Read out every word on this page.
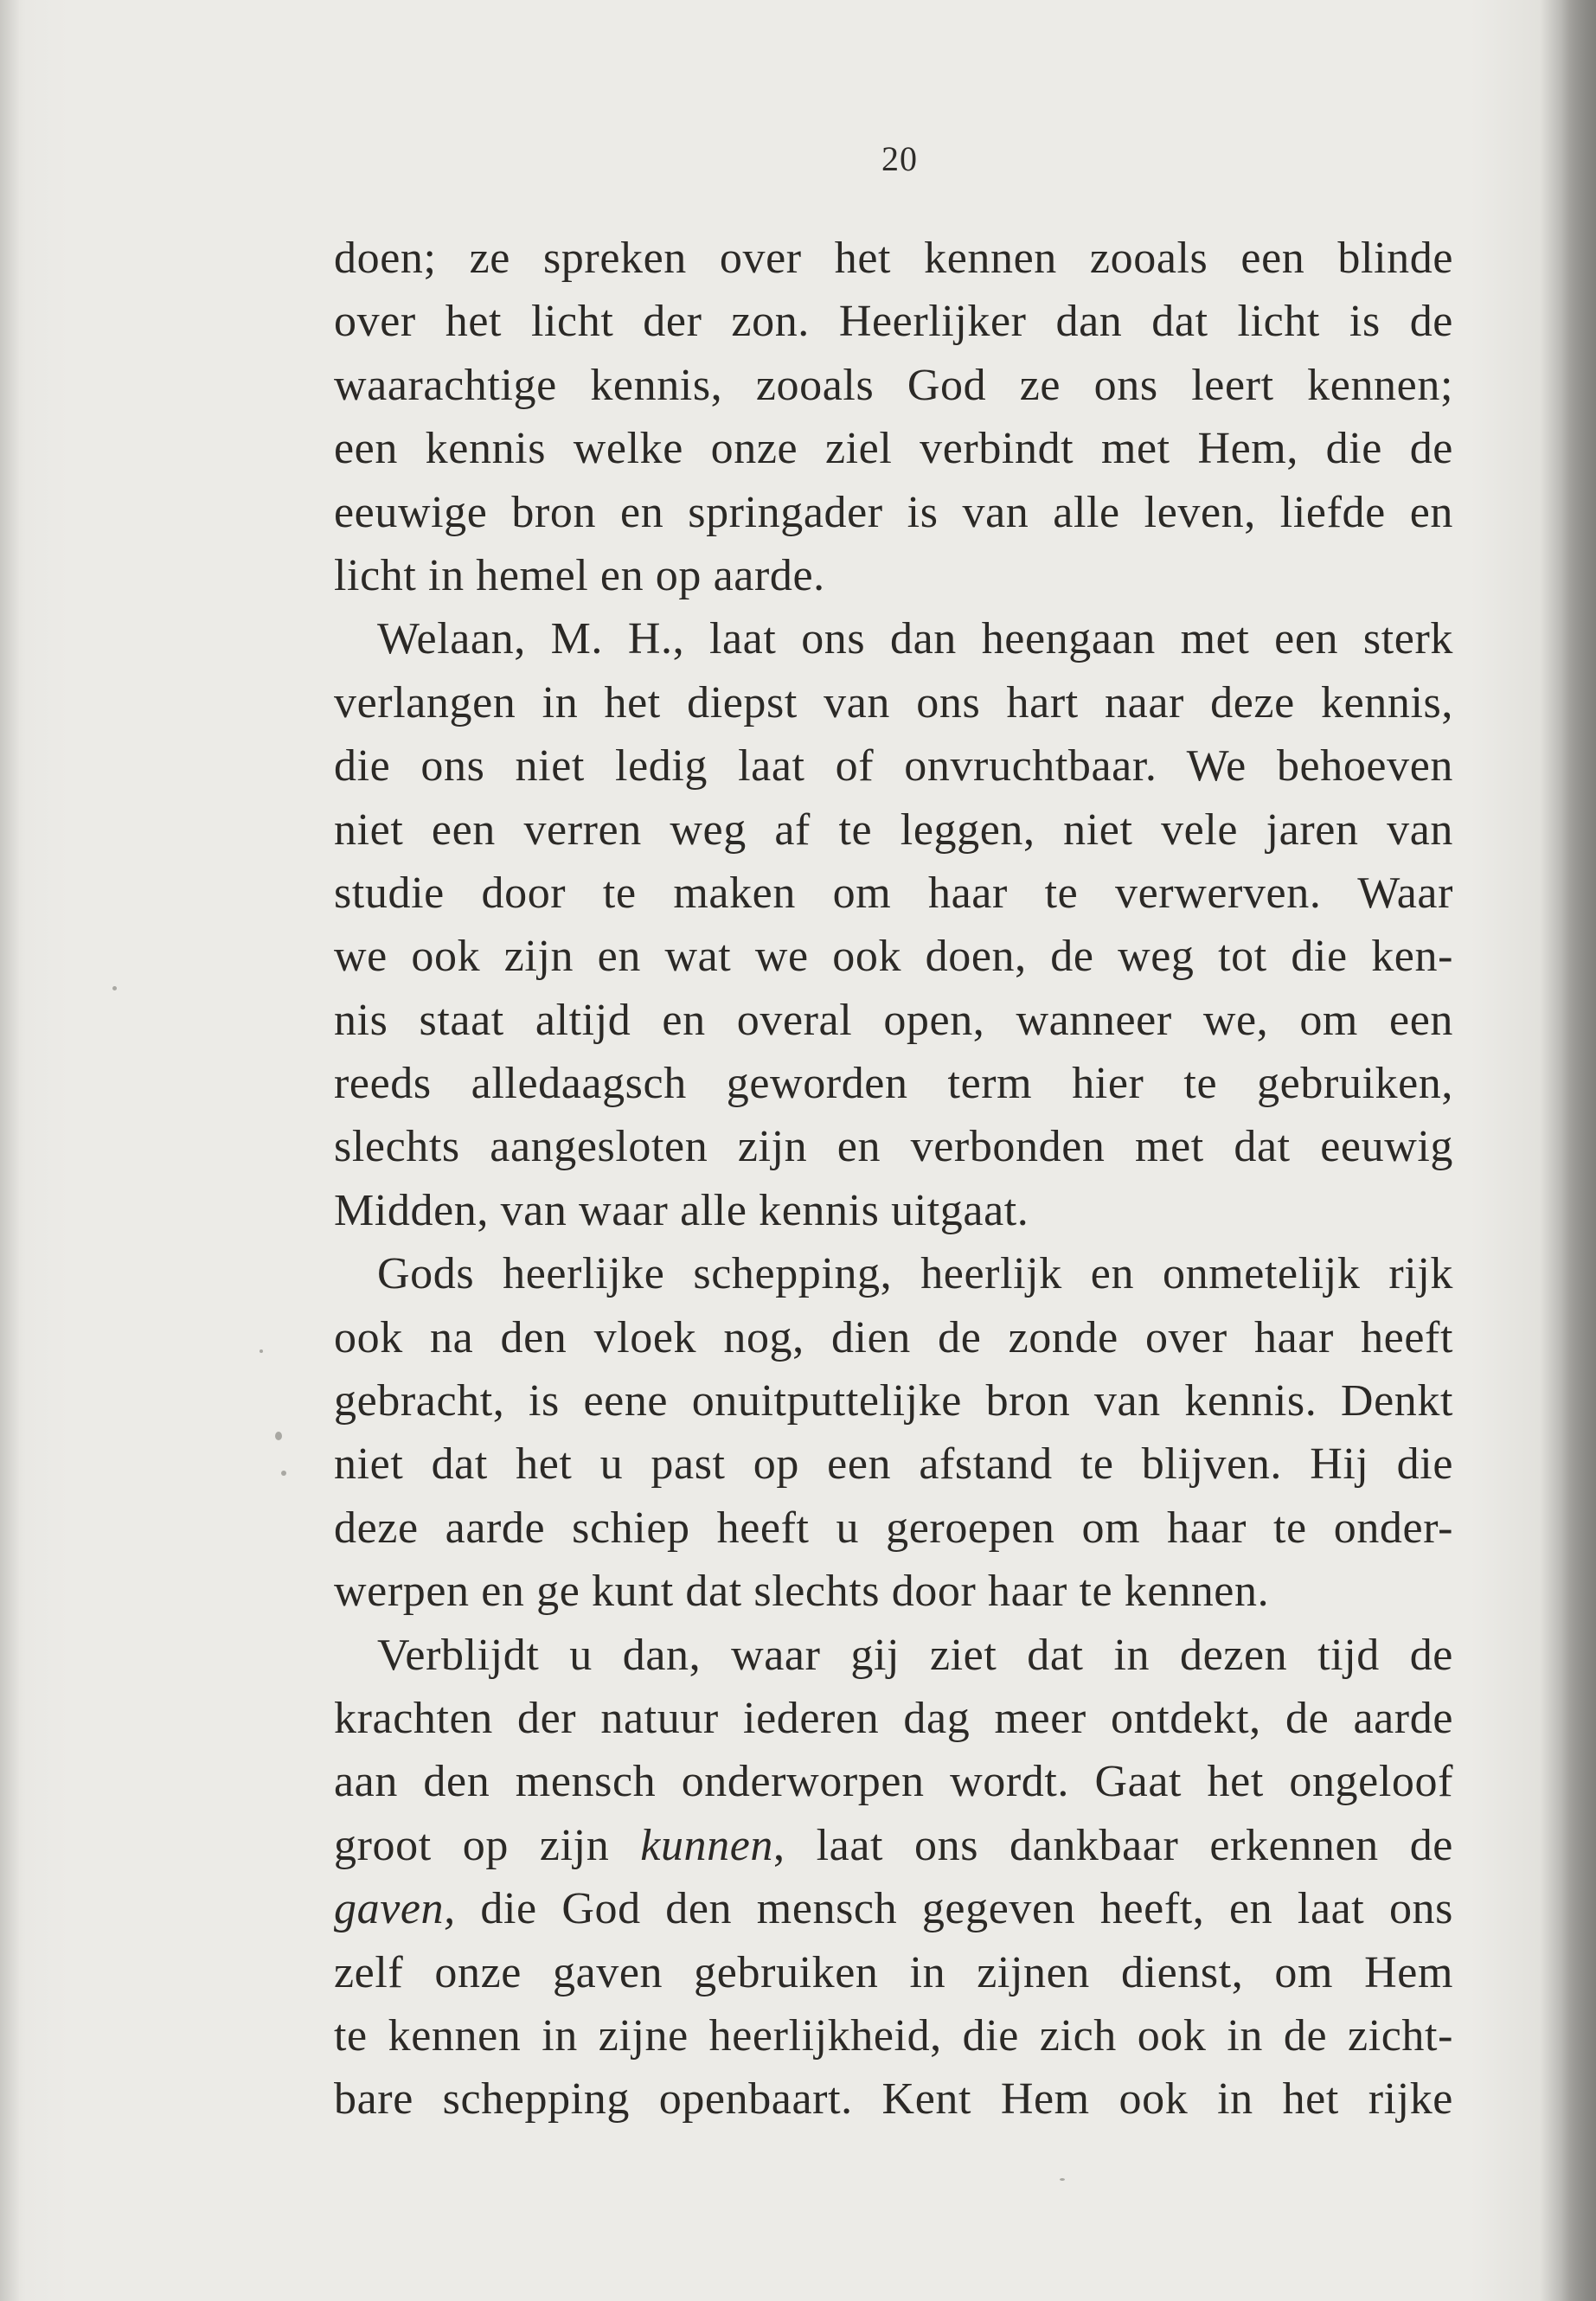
20
doen; ze spreken over het kennen zooals een blinde
over het licht der zon. Heerlijker dan dat licht is de
waarachtige kennis, zooals God ze ons leert kennen;
een kennis welke onze ziel verbindt met Hem, die de
eeuwige bron en springader is van alle leven, liefde en
licht in hemel en op aarde.
Welaan, M. H., laat ons dan heengaan met een sterk
verlangen in het diepst van ons hart naar deze kennis,
die ons niet ledig laat of onvruchtbaar. We behoeven
niet een verren weg af te leggen, niet vele jaren van
studie door te maken om haar te verwerven. Waar
we ook zijn en wat we ook doen, de weg tot die ken-
nis staat altijd en overal open, wanneer we, om een
reeds alledaagsch geworden term hier te gebruiken,
slechts aangesloten zijn en verbonden met dat eeuwig
Midden, van waar alle kennis uitgaat.
Gods heerlijke schepping, heerlijk en onmetelijk rijk
ook na den vloek nog, dien de zonde over haar heeft
gebracht, is eene onuitputtelijke bron van kennis. Denkt
niet dat het u past op een afstand te blijven. Hij die
deze aarde schiep heeft u geroepen om haar te onder-
werpen en ge kunt dat slechts door haar te kennen.
Verblijdt u dan, waar gij ziet dat in dezen tijd de
krachten der natuur iederen dag meer ontdekt, de aarde
aan den mensch onderworpen wordt. Gaat het ongeloof
groot op zijn kunnen, laat ons dankbaar erkennen de
gaven, die God den mensch gegeven heeft, en laat ons
zelf onze gaven gebruiken in zijnen dienst, om Hem
te kennen in zijne heerlijkheid, die zich ook in de zicht-
bare schepping openbaart. Kent Hem ook in het rijke
